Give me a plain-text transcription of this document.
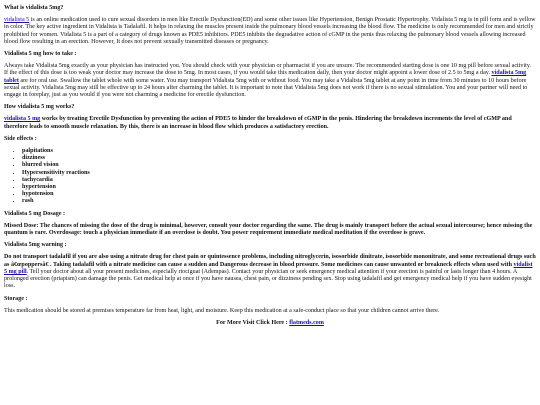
What is vidalista 5mg?

vidalista 5 is an online medication used to cure sexual disorders in men like Erectile Dysfunction(ED) and some other issues like Hypertension, Benign Prostatic Hypertrophy. Vidalista 5 mg is in pill form and is yellow in color. The key active ingredient in Vidalista is Tadalafil. It helps in relaxing the muscles present inside the pulmonary blood vessels increasing the blood flow. The medicine is only recommended for men and strictly prohibited for women. Vidalista 5 is a part of a category of drugs known as PDE5 inhibitors. PDE5 inhibits the degradative action of cGMP in the penis thus relaxing the pulmonary blood vessels allowing increased blood flow resulting in an erection. However, It does not prevent sexually transmitted diseases or pregnancy.

Vidalista 5 mg how to take :

Always take Vidalista 5mg exactly as your physician has instructed you. You should check with your physician or pharmacist if you are unsure. The recommended starting dose is one 10 mg pill before sexual activity. If the effect of this dose is too weak your doctor may increase the dose to 5mg. In most cases, if you would take this medication daily, then your doctor might appoint a lower dose of 2.5 to 5mg a day. vidalista 5mg tablet are for oral use. Swallow the tablet whole with some water. You may transport Vidalista 5mg with or without food. You may take a Vidalista 5mg tablet at any point in time from 30 minutes to 10 hours before sexual activity. Vidalista 5mg may still be effective up to 24 hours after charming the tablet. It is important to note that Vidalista 5mg does not work if there is no sexual stimulation. You and your partner will need to engage in foreplay, just as you would if you were not charming a medicine for erectile dysfunction.

How vidalista 5 mg works?

vidalista 5 mg works by treating Erectile Dysfunction by preventing the action of PDE5 to hinder the breakdown of cGMP in the penis. Hindering the breakdown increments the level of cGMP and therefore leads to smooth muscle relaxation. By this, there is an increase in blood flow which produces a satisfactory erection.

Side effects :
• palpitations
• dizziness
• blurred vision
• Hypersensitivity reactions
• tachycardia
• hypertension
• hypotension
• rash
Vidalista 5 mg Dosage :

Missed Dose: The chances of missing the dose of the drug is minimal, however, consult your doctor regarding the same. The drug is mainly transport before the actual sexual intercourse; hence missing the quantum is rare. Overdosage: touch a physician immediate if an overdose is doubt. You power requirement immediate medical meditation if the overdose is grave.

Vidalista 5mg warning :

Do not transport tadalafil if you are also using a nitrate drug for chest pain or quintessence problems, including nitroglycerin, isosorbide dinitrate, isosorbide mononitrate, and some recreational drugs such as â€œpoppersâ€ . Taking tadalafil with a nitrate medicine can cause a sudden and Dangerous decrease in blood pressure. Some medicines can cause unwanted or breakneck effects when used with vidalist 5 mg pill. Tell your doctor about all your present medicines, especially riociguat (Adempas). Contact your physician or seek emergency medical attention if your erection is painful or lasts longer than 4 hours. A prolonged erection (priapism) can damage the penis. Get medical help at once if you have nausea, chest pain, or dizziness pending sex. Stop using tadalafil and get emergency medical help if you have sudden eyesight loss.

Storage :

This medication should be stored at premises temperature far from heat, light, and moisture. Keep this medication at a safe-conduct place so that your children cannot arrive there.

For More Visit Click Here : flatmeds.com
